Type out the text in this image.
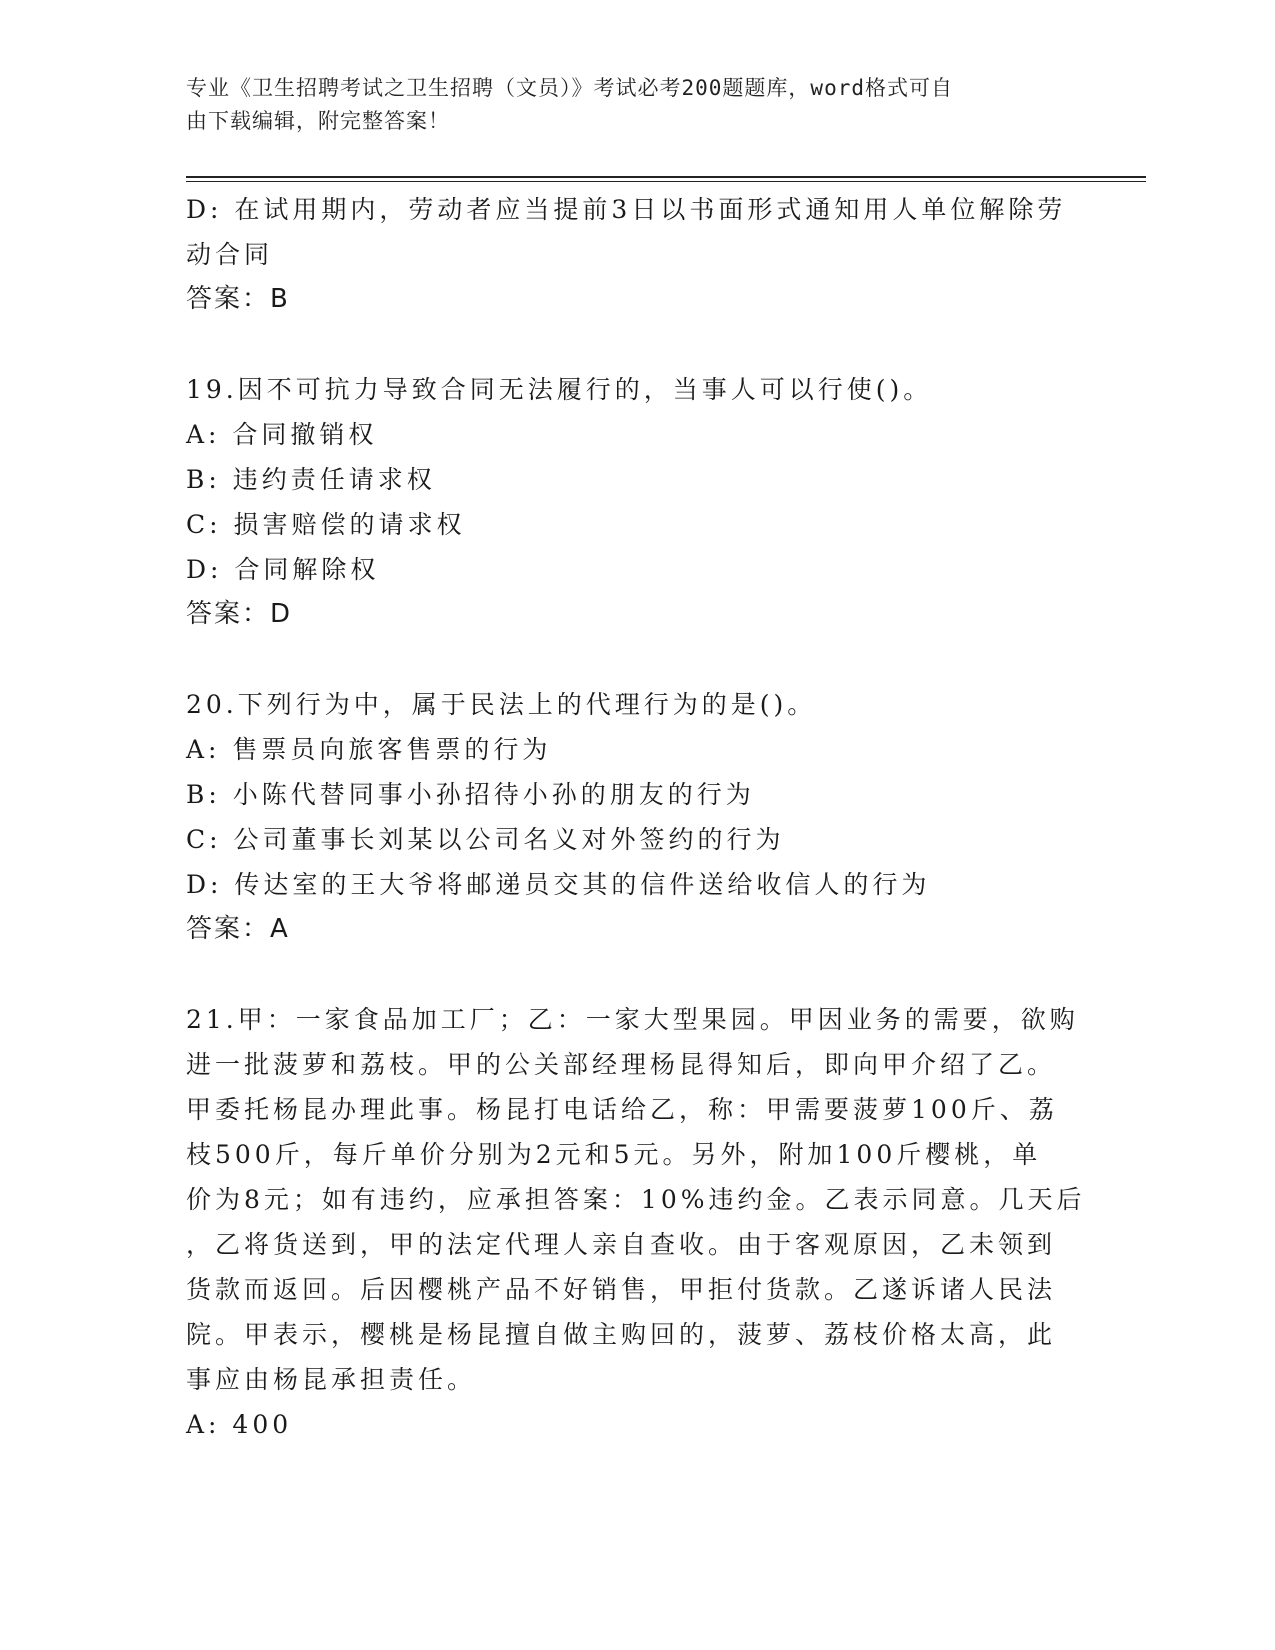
专业《卫生招聘考试之卫生招聘（文员）》考试必考200题题库，word格式可自
由下载编辑，附完整答案！
D: 在试用期内，劳动者应当提前3日以书面形式通知用人单位解除劳
动合同
答案：B
19.因不可抗力导致合同无法履行的，当事人可以行使()。
A: 合同撤销权
B: 违约责任请求权
C: 损害赔偿的请求权
D: 合同解除权
答案：D
20.下列行为中，属于民法上的代理行为的是()。
A: 售票员向旅客售票的行为
B: 小陈代替同事小孙招待小孙的朋友的行为
C: 公司董事长刘某以公司名义对外签约的行为
D: 传达室的王大爷将邮递员交其的信件送给收信人的行为
答案：A
21.甲：一家食品加工厂；乙：一家大型果园。甲因业务的需要，欲购
进一批菠萝和荔枝。甲的公关部经理杨昆得知后，即向甲介绍了乙。
甲委托杨昆办理此事。杨昆打电话给乙，称：甲需要菠萝100斤、荔
枝500斤，每斤单价分别为2元和5元。另外，附加100斤樱桃，单
价为8元；如有违约，应承担答案：10%违约金。乙表示同意。几天后
，乙将货送到，甲的法定代理人亲自查收。由于客观原因，乙未领到
货款而返回。后因樱桃产品不好销售，甲拒付货款。乙遂诉诸人民法
院。甲表示，樱桃是杨昆擅自做主购回的，菠萝、荔枝价格太高，此
事应由杨昆承担责任。
A: 400
